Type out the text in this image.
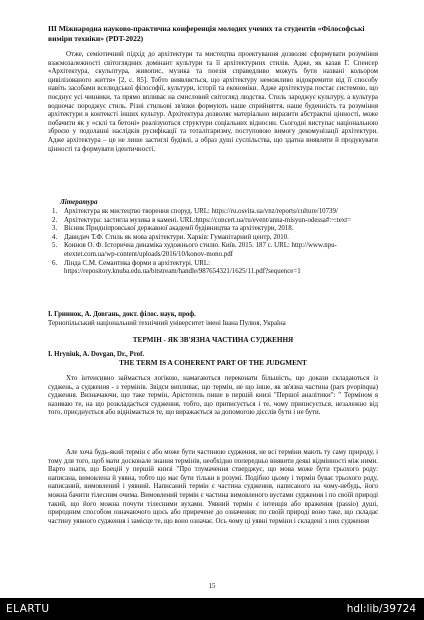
III Міжнародна науково-практична конференція молодих учених та студентів «Філософські виміри техніки» (PDT-2022)
Отже, семіотичний підхід до архітектури та мистецтва проектування дозволяє сформувати розуміння взаємозалежності світоглядних домінант культури та її архітектурних стилів. Адже, як казав Г. Спенсер «Архітектура, скульптура, живопис, музика та поезія справедливо можуть бути названі кольором цивілізованого життя» [2, с. 85]. Тобто виявляється, що архітектуру неможливо відокремити від її способу навіть засобами вселюдської філософії, культури, історії та економіки. Адже архітектура постає системою, що поєднує усі чинники, та прямо впливає на смисловий світогляд людства. Стиль зароджує культуру, а культура водночас породжує стиль. Різні стильові зв'язки формують наше сприйняття, наше буденність та розуміння архітектури в контексті інших культур. Архітектура дозволяє матеріально виразити абстрактні цінності, може побачити як у «склі та бетоні» реалізуються структури соціальних відносин. Сьогодні виступає національною зброєю у подоланні наслідків русифікації та тоталітаризму, поступовою вимогу декомунізації архітектури. Адже архітектура – це не лише застиглі будівлі, а образ душі суспільства, що здатна виявляти й продукувати цінності та формувати ідентичності.
Література
1. Архітектура як мистецтво творення споруд. URL: https://ru.osvita.ua/vnz/reports/culture/10739/
2. Архітектура: застигла музика в камені. URL:https://concert.ua/ru/event/anna-misyun-odessa#:~:text=
3. Вісник Придніпровської державної академії будівництва та архітектури, 2018.
4. Давидич Т.Ф. Стиль як мова архітектури. Харків: Гуманітарний центр, 2010.
5. Коннов О. Ф. Історична динаміка художнього стилю. Київ. 2015. 187 с. URL: http://www.npu-etextet.com.ua/wp-content/uploads/2016/10/konov-mono.pdf
6. Лінда С.М. Семантика форми в архітектурі. URL: https://repository.knuba.edu.ua/bitstream/handle/987654321/1625/11.pdf?sequence=1
І. Гриннок, А. Довгань, докт. філос. наук, проф.
Тернопільський національний технічний університет імені Івана Пулюя, Україна
ТЕРМІН - ЯК ЗВ'ЯЗНА ЧАСТИНА СУДЖЕННЯ
I. Hryniuk, A. Dovgan, Dr., Prof.
THE TERM IS A COHERENT PART OF THE JUDGMENT
Хто інтенсивно займається логікою, намагаються переконати більшість, що докази складаються із суджень, а судження - з термінів. Звідси випливає, що термін, не що інше, як зв'язна частина (pars pvopinqua) судження. Визначаючи, що таке термін, Арістотель пише в першій книзі "Першої аналітики": " Терміном я називаю те, на що розкладається судження, тобто, що приписується і те, чому приписується, незалежно від того, приєднується або віднімається те, що виражається за допомогою дієслів бути і не бути.
Але хоча будь-який термін є або може бути частиною судження, не всі терміни мають ту саму природу, і тому для того, щоб мати досконале знання термінів, необхідно попередньо виявити деякі відмінності між ними. Варто знати, що Боецій у першій книзі "Про тлумачення стверджує, що мова може бути трьохого роду: написана, вимовлена й уявна, тобто що має бути тільки в розумі. Подібно цьому і термін буває трьохого роду, написаний, вимовлений і уявний. Написаний термін є частина судження, написаного на чому-небудь, його можна бачити тілесним очима. Вимовлений термін є частина вимовленого вустами судження і по своїй природі такий, що його можна почути тілесними вухами. Уявний термін є інтенція або враження (passio) душі, природним способом означаючого щось або приречене до означення; по своїй природі воно таке, що складає частину уявного судження і замісце те, що воно означає. Ось чому ці уявні терміни і складені з них судження
15
ELARTU	hdl:lib/39724
